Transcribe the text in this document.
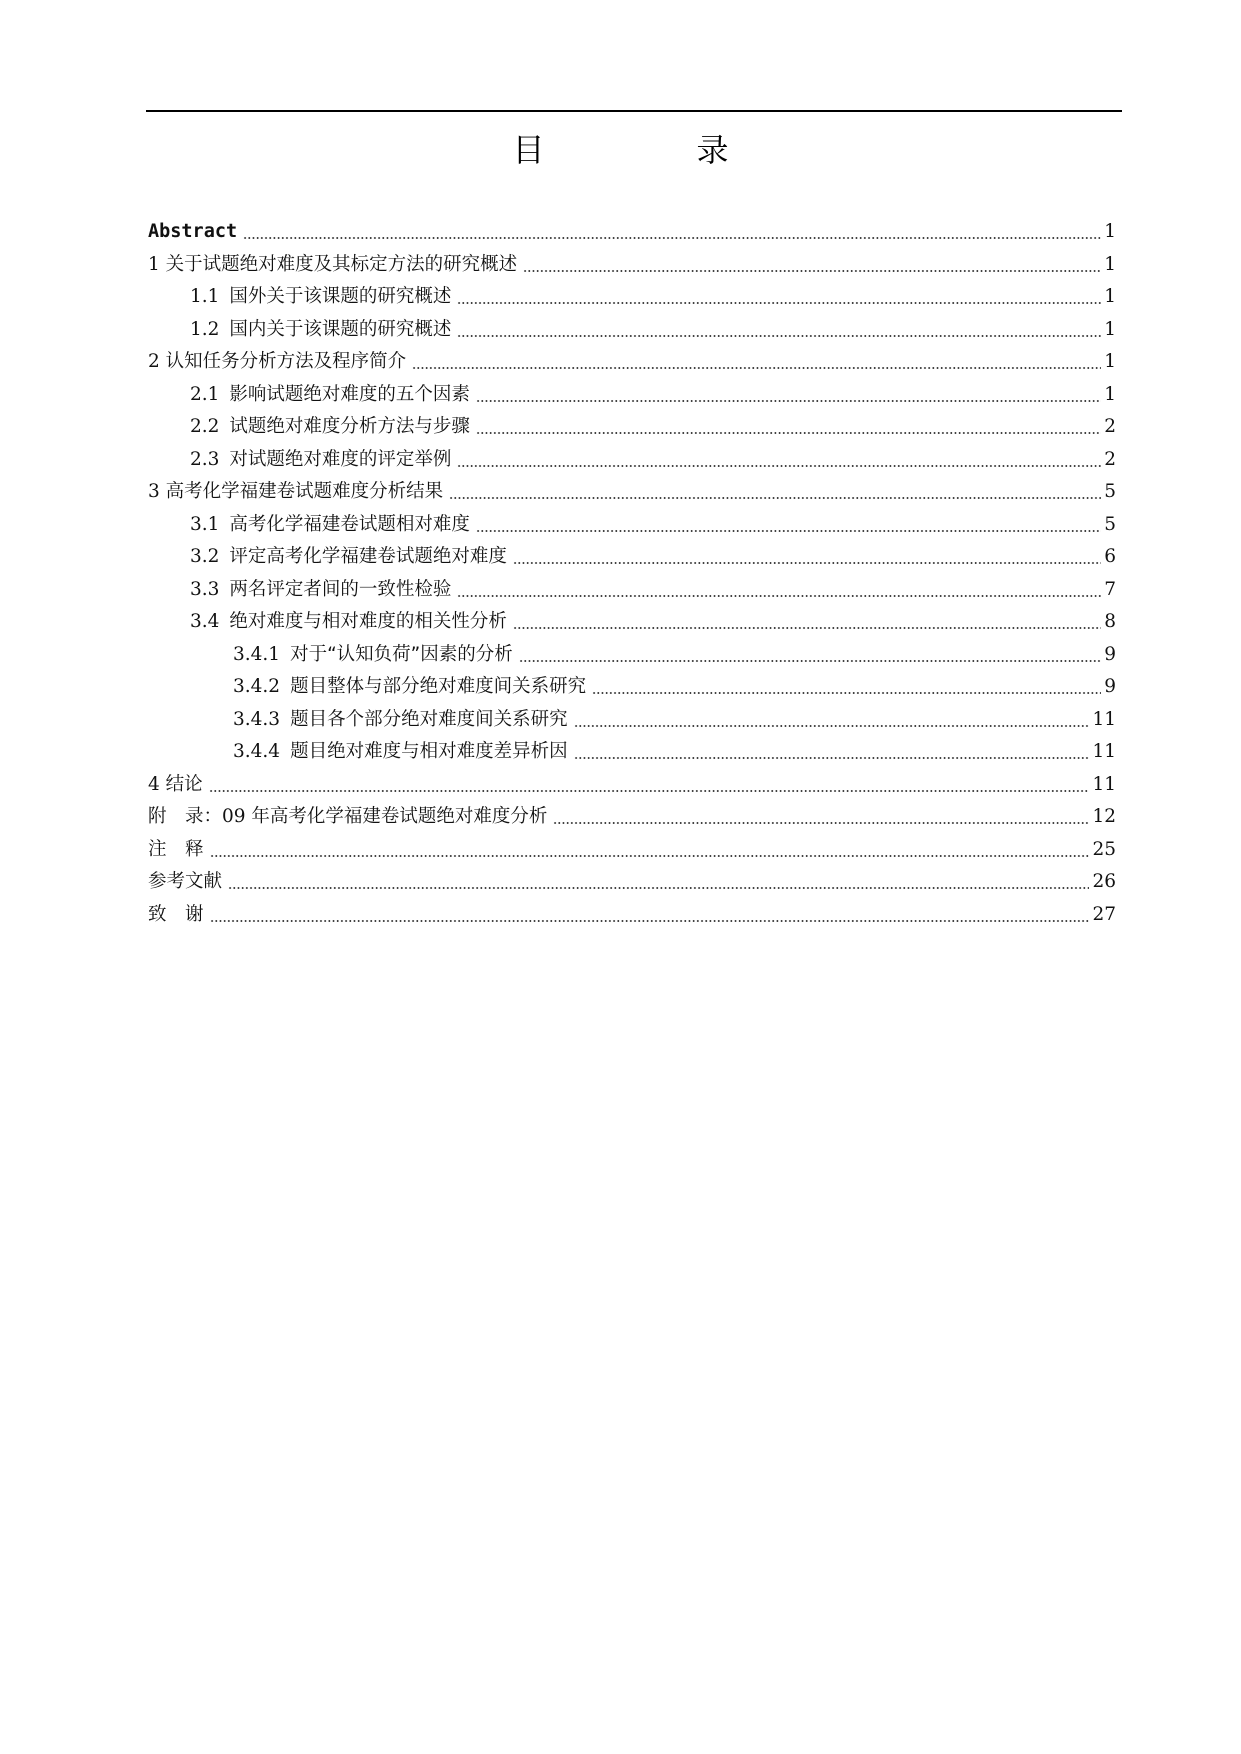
目　录
Abstract	1
1 关于试题绝对难度及其标定方法的研究概述	1
1.1 国外关于该课题的研究概述	1
1.2 国内关于该课题的研究概述	1
2 认知任务分析方法及程序简介	1
2.1 影响试题绝对难度的五个因素	1
2.2 试题绝对难度分析方法与步骤	2
2.3 对试题绝对难度的评定举例	2
3 高考化学福建卷试题难度分析结果	5
3.1 高考化学福建卷试题相对难度	5
3.2 评定高考化学福建卷试题绝对难度	6
3.3 两名评定者间的一致性检验	7
3.4 绝对难度与相对难度的相关性分析	8
3.4.1 对于“认知负荷”因素的分析	9
3.4.2 题目整体与部分绝对难度间关系研究	9
3.4.3 题目各个部分绝对难度间关系研究	11
3.4.4 题目绝对难度与相对难度差异析因	11
4 结论	11
附　录：09 年高考化学福建卷试题绝对难度分析	12
注　释	25
参考文献	26
致　谢	27
